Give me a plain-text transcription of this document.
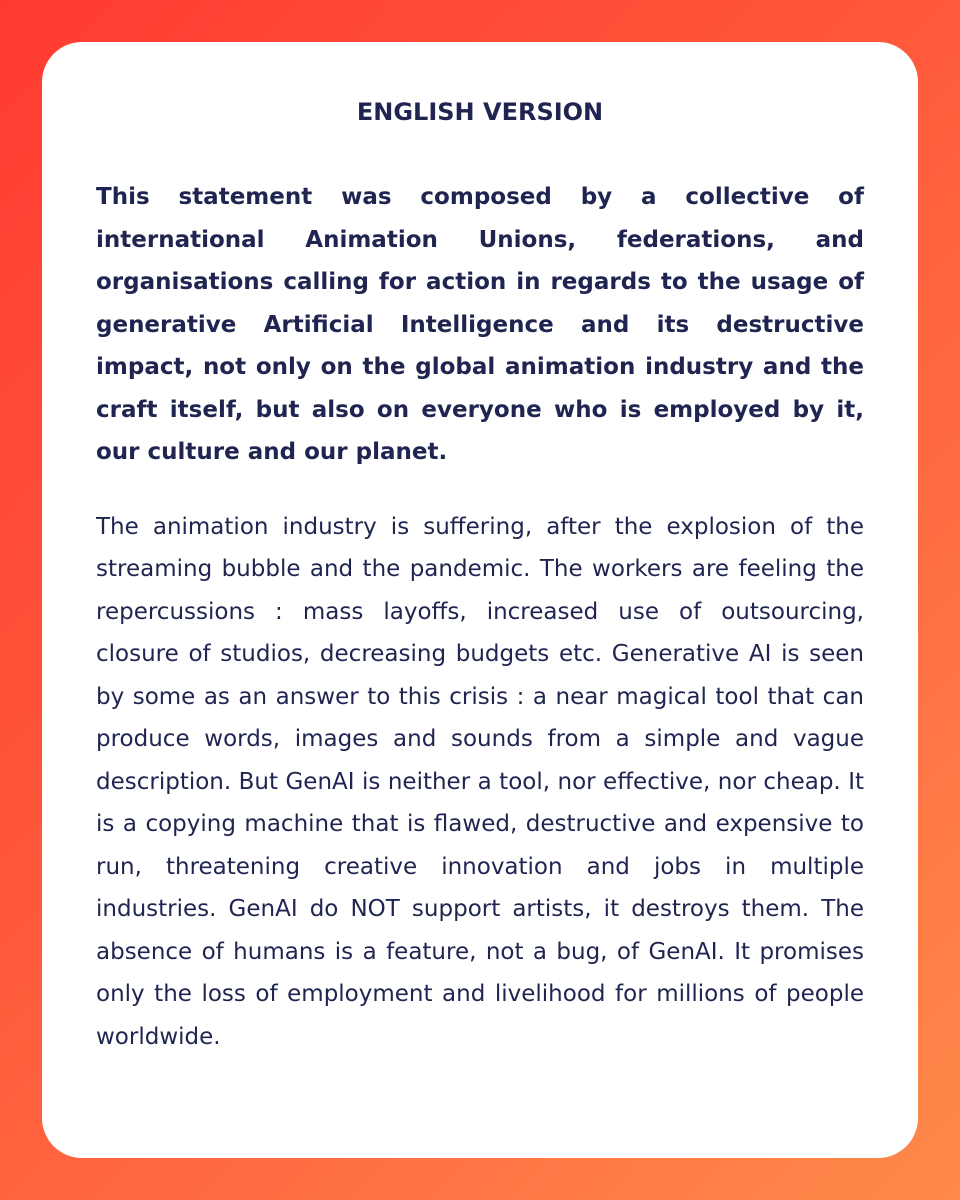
ENGLISH VERSION

This statement was composed by a collective of international Animation Unions, federations, and organisations calling for action in regards to the usage of generative Artificial Intelligence and its destructive impact, not only on the global animation industry and the craft itself, but also on everyone who is employed by it, our culture and our planet.

The animation industry is suffering, after the explosion of the streaming bubble and the pandemic. The workers are feeling the repercussions : mass layoffs, increased use of outsourcing, closure of studios, decreasing budgets etc. Generative AI is seen by some as an answer to this crisis : a near magical tool that can produce words, images and sounds from a simple and vague description. But GenAI is neither a tool, nor effective, nor cheap. It is a copying machine that is flawed, destructive and expensive to run, threatening creative innovation and jobs in multiple industries. GenAI do NOT support artists, it destroys them. The absence of humans is a feature, not a bug, of GenAI. It promises only the loss of employment and livelihood for millions of people worldwide.
